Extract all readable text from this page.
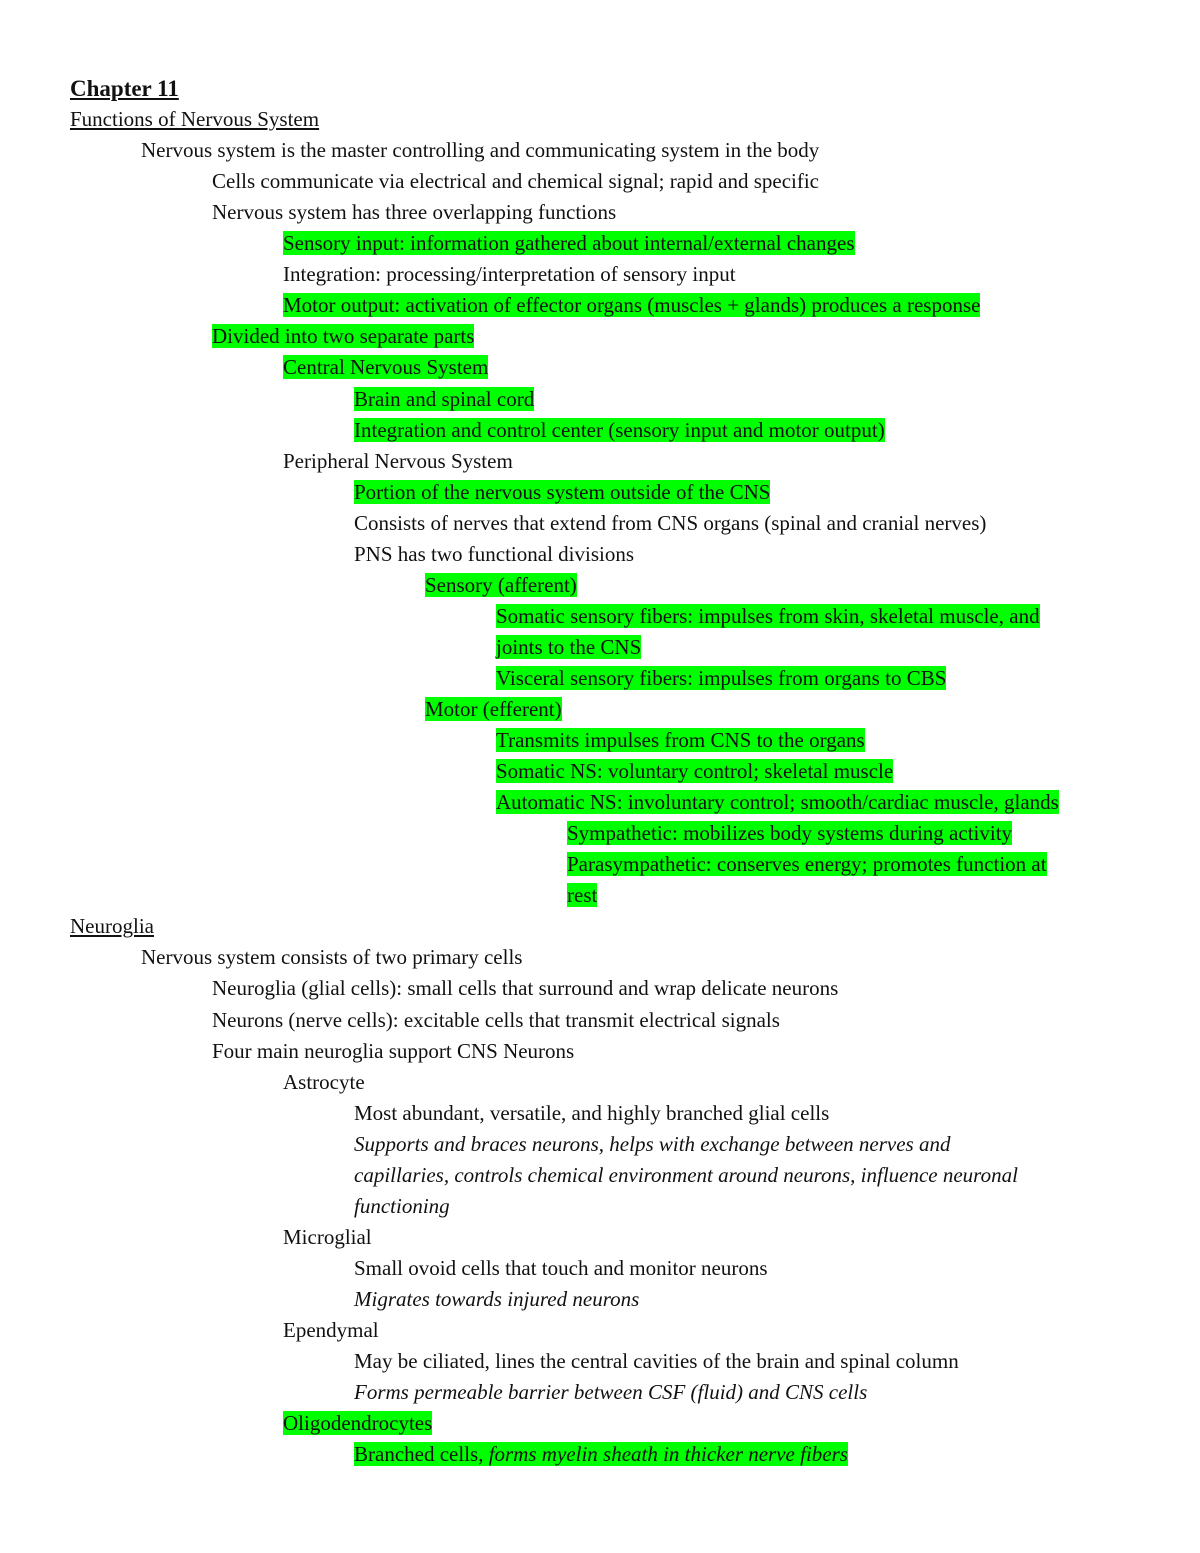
Chapter 11
Functions of Nervous System
Nervous system is the master controlling and communicating system in the body
Cells communicate via electrical and chemical signal; rapid and specific
Nervous system has three overlapping functions
Sensory input: information gathered about internal/external changes
Integration: processing/interpretation of sensory input
Motor output: activation of effector organs (muscles + glands) produces a response
Divided into two separate parts
Central Nervous System
Brain and spinal cord
Integration and control center (sensory input and motor output)
Peripheral Nervous System
Portion of the nervous system outside of the CNS
Consists of nerves that extend from CNS organs (spinal and cranial nerves)
PNS has two functional divisions
Sensory (afferent)
Somatic sensory fibers: impulses from skin, skeletal muscle, and
joints to the CNS
Visceral sensory fibers: impulses from organs to CBS
Motor (efferent)
Transmits impulses from CNS to the organs
Somatic NS: voluntary control; skeletal muscle
Automatic NS: involuntary control; smooth/cardiac muscle, glands
Sympathetic: mobilizes body systems during activity
Parasympathetic: conserves energy; promotes function at
rest
Neuroglia
Nervous system consists of two primary cells
Neuroglia (glial cells): small cells that surround and wrap delicate neurons
Neurons (nerve cells): excitable cells that transmit electrical signals
Four main neuroglia support CNS Neurons
Astrocyte
Most abundant, versatile, and highly branched glial cells
Supports and braces neurons, helps with exchange between nerves and
capillaries, controls chemical environment around neurons, influence neuronal
functioning
Microglial
Small ovoid cells that touch and monitor neurons
Migrates towards injured neurons
Ependymal
May be ciliated, lines the central cavities of the brain and spinal column
Forms permeable barrier between CSF (fluid) and CNS cells
Oligodendrocytes
Branched cells, forms myelin sheath in thicker nerve fibers
